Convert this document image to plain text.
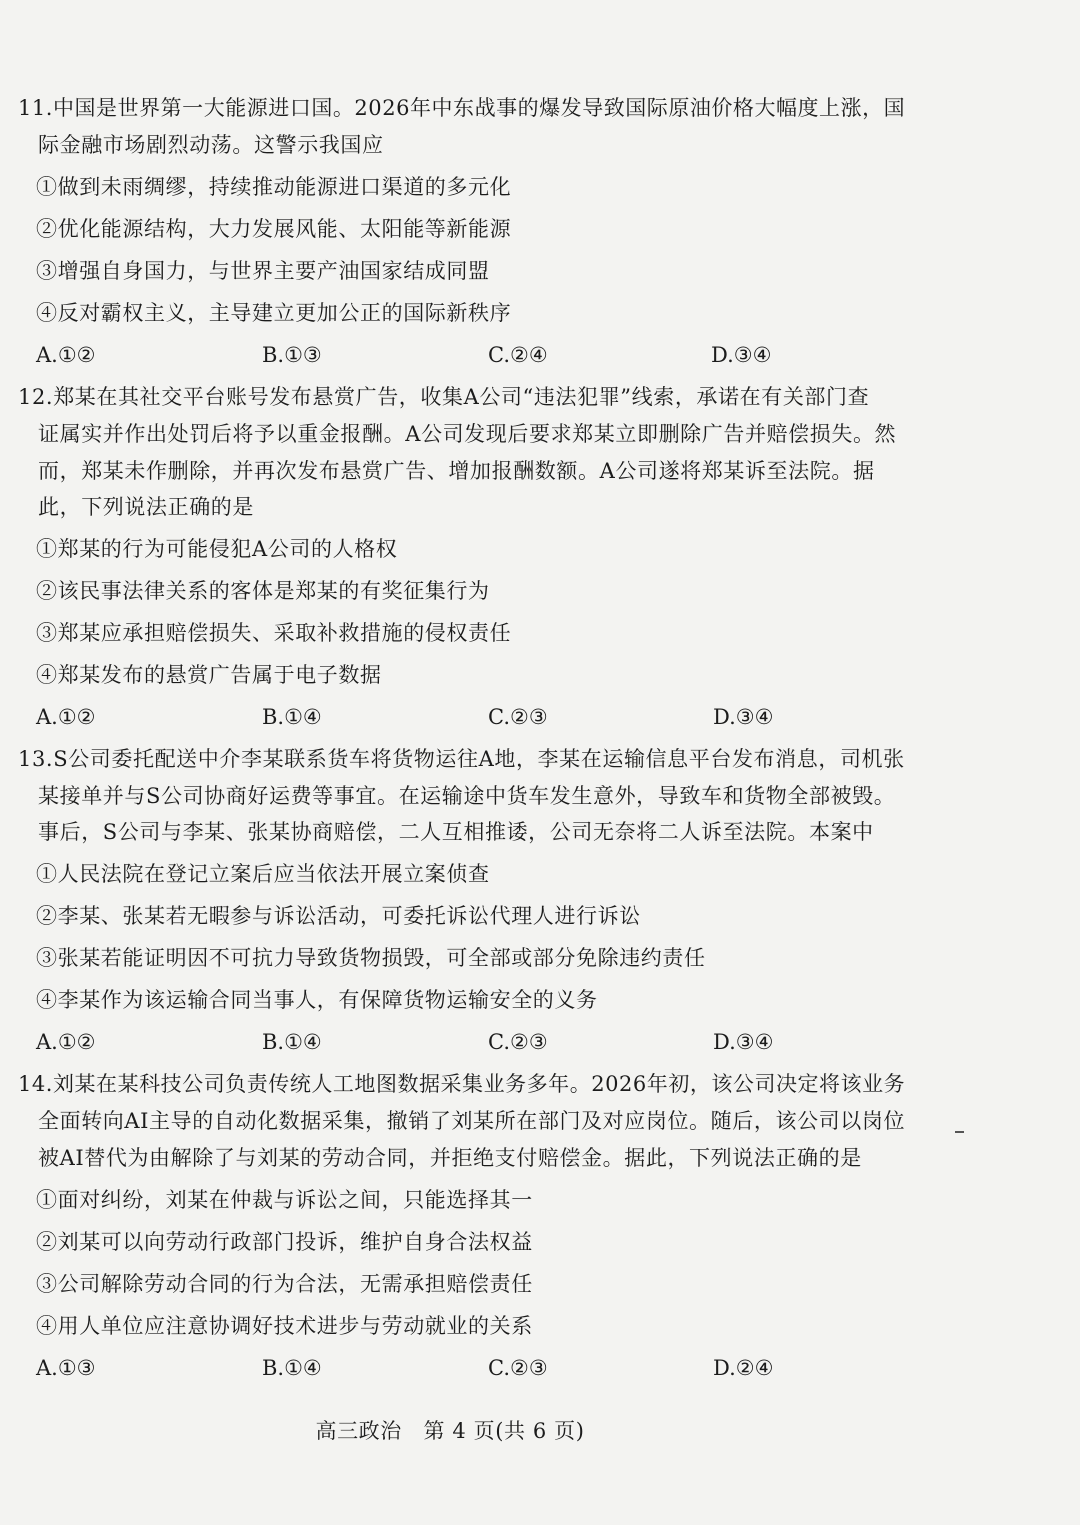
11.中国是世界第一大能源进口国。2026年中东战事的爆发导致国际原油价格大幅度上涨，国
际金融市场剧烈动荡。这警示我国应
①做到未雨绸缪，持续推动能源进口渠道的多元化
②优化能源结构，大力发展风能、太阳能等新能源
③增强自身国力，与世界主要产油国家结成同盟
④反对霸权主义，主导建立更加公正的国际新秩序
A.①②	B.①③	C.②④	D.③④
12.郑某在其社交平台账号发布悬赏广告，收集A公司“违法犯罪”线索，承诺在有关部门查
证属实并作出处罚后将予以重金报酬。A公司发现后要求郑某立即删除广告并赔偿损失。然
而，郑某未作删除，并再次发布悬赏广告、增加报酬数额。A公司遂将郑某诉至法院。据
此，下列说法正确的是
①郑某的行为可能侵犯A公司的人格权
②该民事法律关系的客体是郑某的有奖征集行为
③郑某应承担赔偿损失、采取补救措施的侵权责任
④郑某发布的悬赏广告属于电子数据
A.①②	B.①④	C.②③	D.③④
13.S公司委托配送中介李某联系货车将货物运往A地，李某在运输信息平台发布消息，司机张
某接单并与S公司协商好运费等事宜。在运输途中货车发生意外，导致车和货物全部被毁。
事后，S公司与李某、张某协商赔偿，二人互相推诿，公司无奈将二人诉至法院。本案中
①人民法院在登记立案后应当依法开展立案侦查
②李某、张某若无暇参与诉讼活动，可委托诉讼代理人进行诉讼
③张某若能证明因不可抗力导致货物损毁，可全部或部分免除违约责任
④李某作为该运输合同当事人，有保障货物运输安全的义务
A.①②	B.①④	C.②③	D.③④
14.刘某在某科技公司负责传统人工地图数据采集业务多年。2026年初，该公司决定将该业务
全面转向AI主导的自动化数据采集，撤销了刘某所在部门及对应岗位。随后，该公司以岗位
被AI替代为由解除了与刘某的劳动合同，并拒绝支付赔偿金。据此，下列说法正确的是
①面对纠纷，刘某在仲裁与诉讼之间，只能选择其一
②刘某可以向劳动行政部门投诉，维护自身合法权益
③公司解除劳动合同的行为合法，无需承担赔偿责任
④用人单位应注意协调好技术进步与劳动就业的关系
A.①③	B.①④	C.②③	D.②④
高三政治　第 4 页(共 6 页)
